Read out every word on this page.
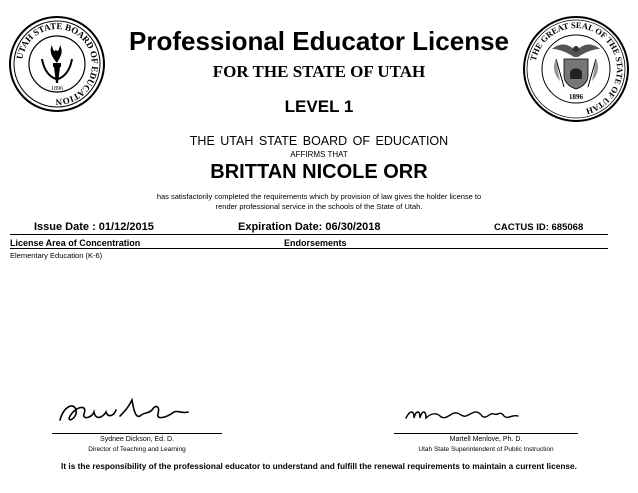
UTAH STATE BOARD OF EDUCATION
1896
THE GREAT SEAL OF THE STATE OF UTAH
1896
Professional Educator License
FOR THE STATE OF UTAH
LEVEL 1
THE UTAH STATE BOARD OF EDUCATION
AFFIRMS THAT
BRITTAN NICOLE ORR
has satisfactorily completed the requirements which by provision of law gives the holder license to
render professional service in the schools of the State of Utah.
Issue Date : 01/12/2015	Expiration Date: 06/30/2018	CACTUS ID: 685068
License Area of Concentration	Endorsements
Elementary Education (K-6)
Sydnee Dickson, Ed. D.
Director of Teaching and Learning
Martell Menlove, Ph. D.
Utah State Superintendent of Public Instruction
It is the responsibility of the professional educator to understand and fulfill the renewal requirements to maintain a current license.
